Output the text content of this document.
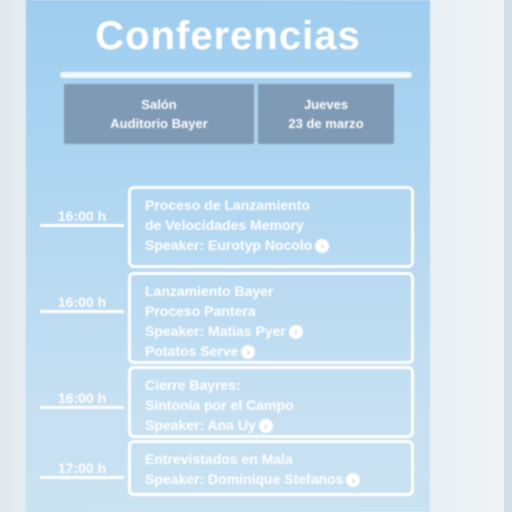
Conferencias
Salón
Auditorio Bayer
Jueves
23 de marzo
16:00 h
Proceso de Lanzamiento
de Velocidades Memory
Speaker: Eurotyp Nocolo ›
16:00 h
Lanzamiento Bayer
Proceso Pantera
Speaker: Matias Pyer ›
Potatos Serve ›
16:00 h
Cierre Bayres:
Sintonía por el Campo
Speaker: Ana Uy ›
17:00 h
Entrevistados en Mala
Speaker: Dominique Stefanos ›
